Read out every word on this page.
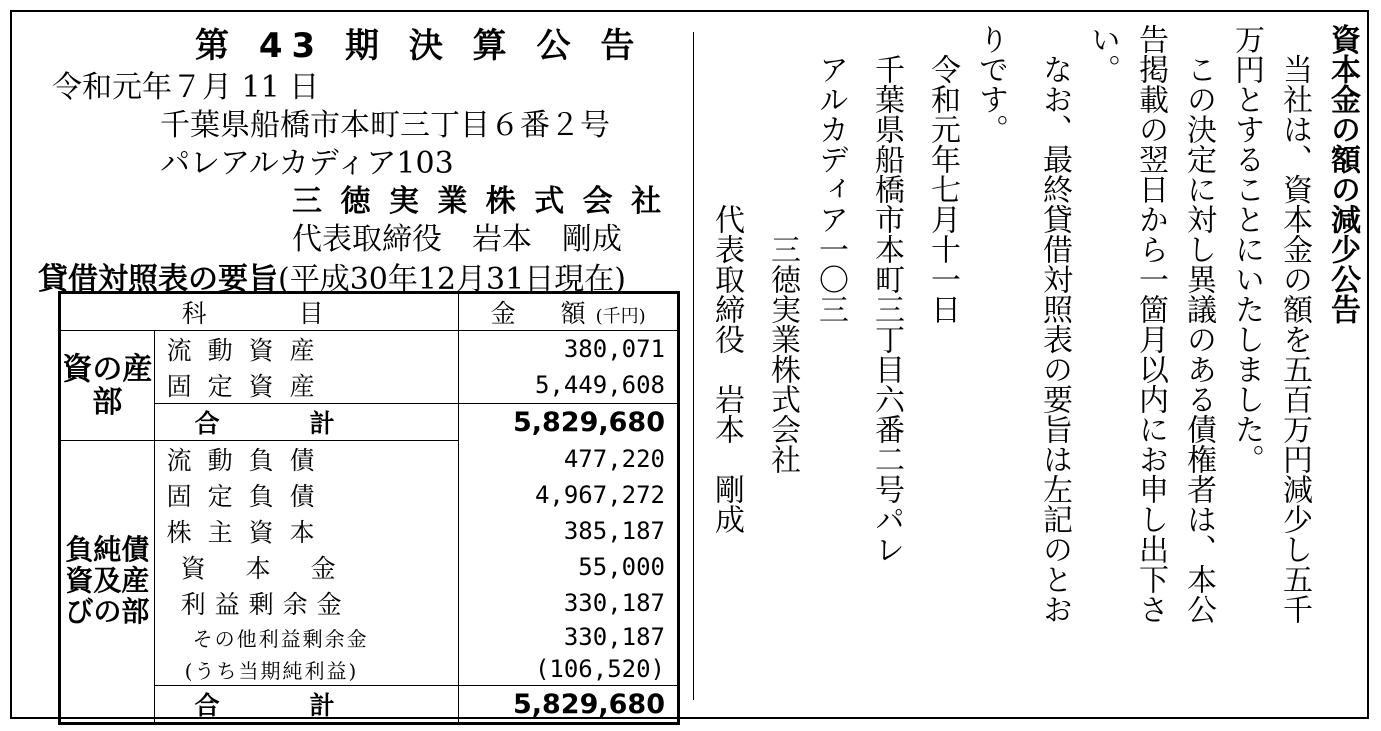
第 43 期 決 算 公 告
令和元年７月 11 日
千葉県船橋市本町三丁目６番２号
パレアルカディア103
三 徳 実 業 株 式 会 社
代表取締役　岩本　剛成
貸借対照表の要旨(平成30年12月31日現在)
科　　目		金　額(千円)
資の産部	流動資産	380,071
	固定資産	5,449,608
	合計	5,829,680
負純債資及産びの部	流動負債	477,220
	固定負債	4,967,272
	株主資本	385,187
	資本金	55,000
	利益剰余金	330,187
	その他利益剰余金	330,187
	(うち当期純利益)	(106,520)
	合計	5,829,680
資本金の額の減少公告
　当社は、資本金の額を五百万円減少し五千
万円とすることにいたしました。
　この決定に対し異議のある債権者は、本公
告掲載の翌日から一箇月以内にお申し出下さ
い。
　なお、最終貸借対照表の要旨は左記のとお
りです。
　令和元年七月十一日
　千葉県船橋市本町三丁目六番二号パレ
　アルカディア一〇三
　　　　　　　三徳実業株式会社
　　　　　　代表取締役　岩本　剛成
